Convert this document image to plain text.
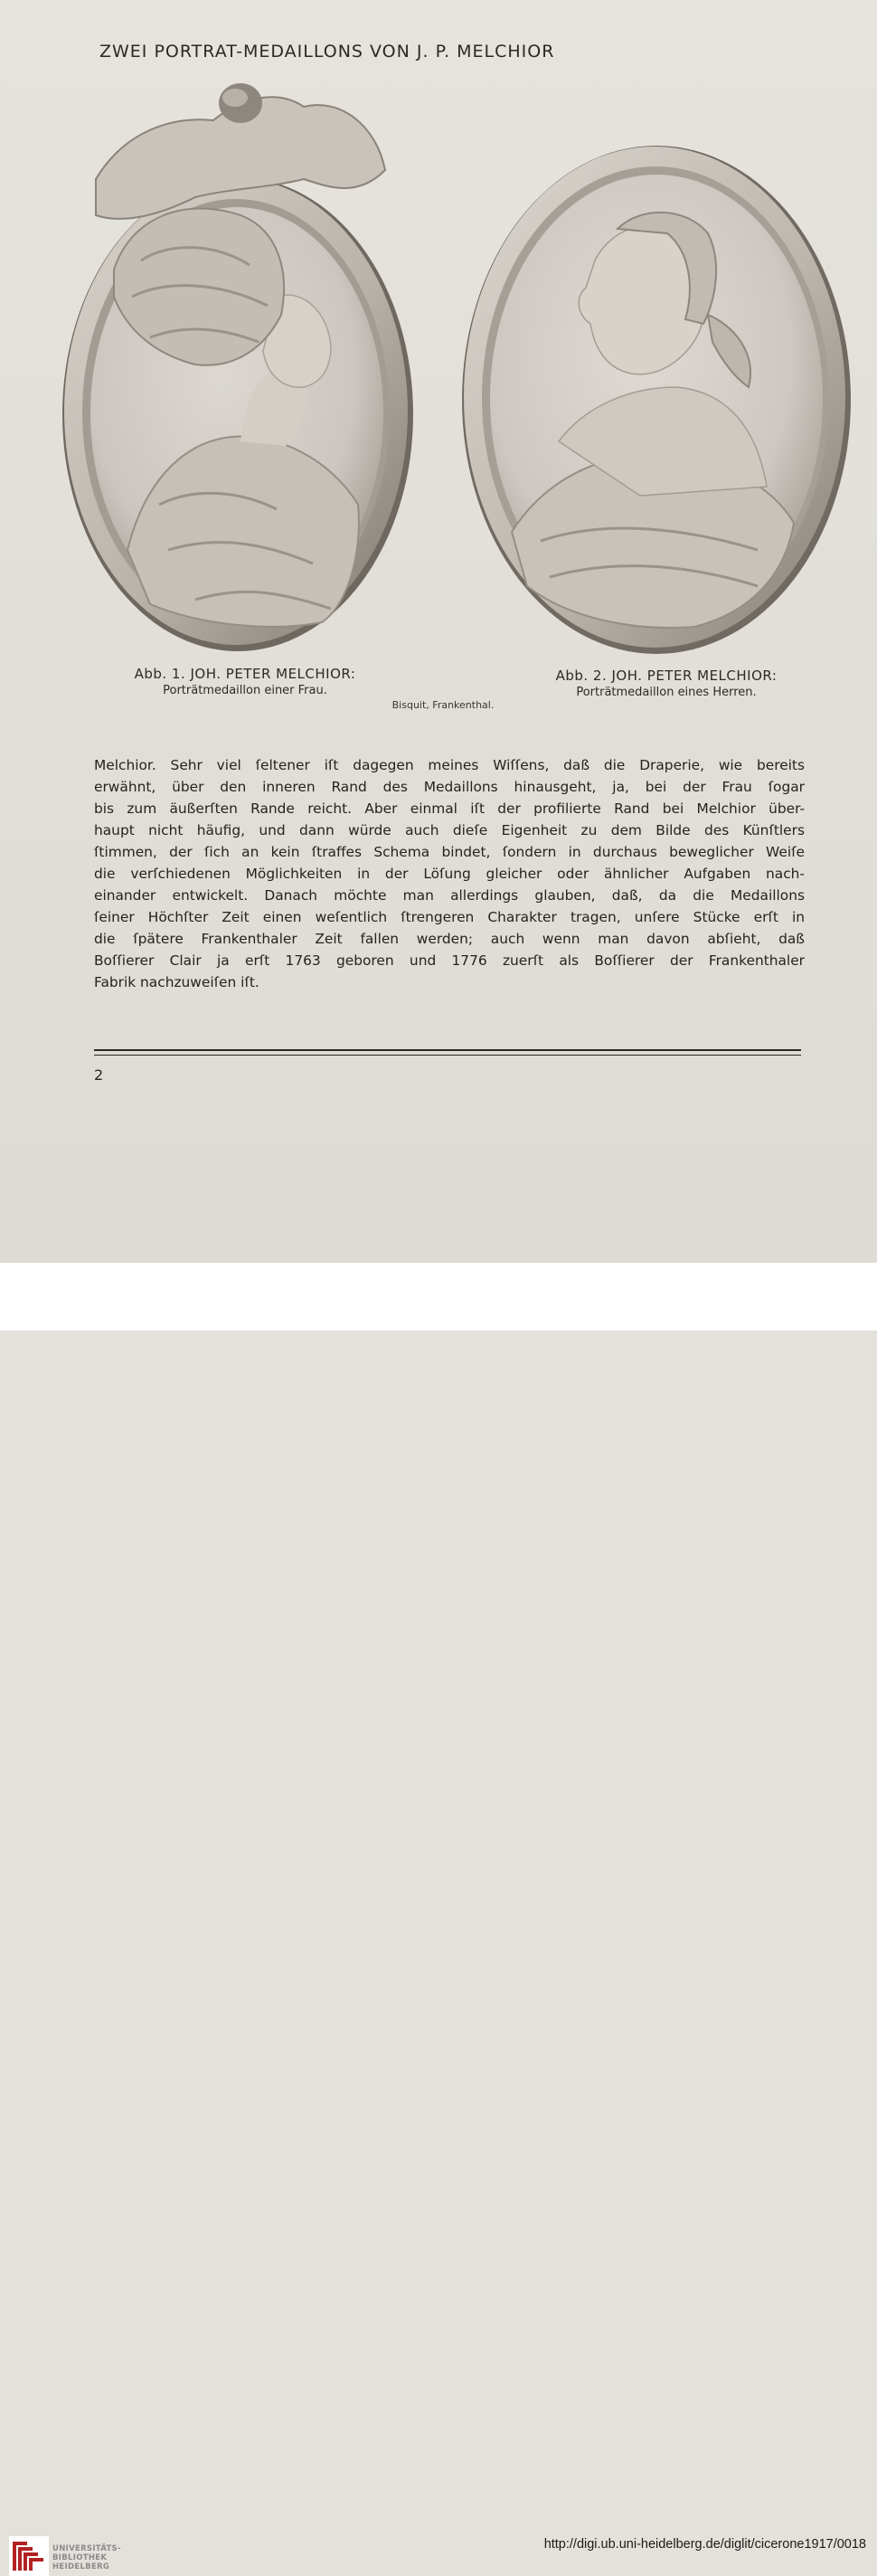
ZWEI PORTRAT-MEDAILLONS VON J. P. MELCHIOR
Abb. 1. JOH. PETER MELCHIOR:
Porträtmedaillon einer Frau.
Abb. 2. JOH. PETER MELCHIOR:
Porträtmedaillon eines Herren.
Bisquit, Frankenthal.
Melchior. Sehr viel ſeltener iſt dagegen meines Wiſſens, daß die Draperie, wie bereits
erwähnt, über den inneren Rand des Medaillons hinausgeht, ja, bei der Frau ſogar
bis zum äußerſten Rande reicht. Aber einmal iſt der profilierte Rand bei Melchior über-
haupt nicht häufig, und dann würde auch dieſe Eigenheit zu dem Bilde des Künſtlers
ſtimmen, der ſich an kein ſtraffes Schema bindet, ſondern in durchaus beweglicher Weiſe
die verſchiedenen Möglichkeiten in der Löſung gleicher oder ähnlicher Aufgaben nach-
einander entwickelt. Danach möchte man allerdings glauben, daß, da die Medaillons
ſeiner Höchſter Zeit einen weſentlich ſtrengeren Charakter tragen, unſere Stücke erſt in
die ſpätere Frankenthaler Zeit fallen werden; auch wenn man davon abſieht, daß
Boſſierer Clair ja erſt 1763 geboren und 1776 zuerſt als Boſſierer der Frankenthaler
Fabrik nachzuweiſen iſt.
2
UNIVERSITÄTS-
BIBLIOTHEK
HEIDELBERG
http://digi.ub.uni-heidelberg.de/diglit/cicerone1917/0018
